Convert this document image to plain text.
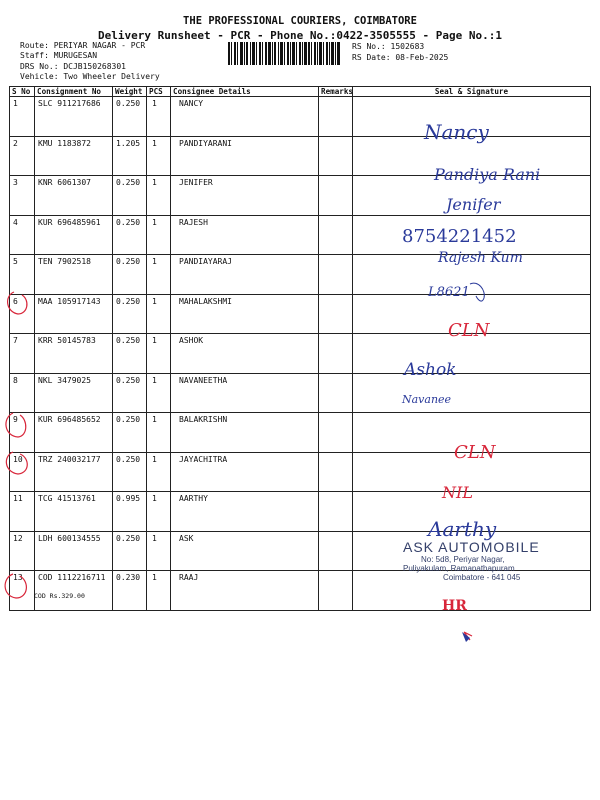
THE PROFESSIONAL COURIERS, COIMBATORE
Delivery Runsheet - PCR - Phone No.:0422-3505555 - Page No.:1
Route: PERIYAR NAGAR - PCR
Staff: MURUGESAN
DRS No.: DCJB150268301
Vehicle: Two Wheeler Delivery
RS No.: 1502683
RS Date: 08-Feb-2025
S No	Consignment No	Weight	PCS	Consignee Details	Remarks	Seal & Signature
1	SLC 911217686	0.250	1	NANCY		
2	KMU 1183872	1.205	1	PANDIYARANI		
3	KNR 6061307	0.250	1	JENIFER		
4	KUR 696485961	0.250	1	RAJESH		
5	TEN 7902518	0.250	1	PANDIAYARAJ		
6	MAA 105917143	0.250	1	MAHALAKSHMI		
7	KRR 50145783	0.250	1	ASHOK		
8	NKL 3479025	0.250	1	NAVANEETHA		
9	KUR 696485652	0.250	1	BALAKRISHN		
10	TRZ 240032177	0.250	1	JAYACHITRA		
11	TCG 41513761	0.995	1	AARTHY		
12	LDH 600134555	0.250	1	ASK		
13	COD 1112216711	0.230	1	RAAJ		
COD Rs.329.00
ASK AUTOMOBILE
No: 5d8, Periyar Nagar,
Puliyakulam, Ramanathapuram
Coimbatore - 641 045
Nancy
Pandiya Rani
Jenifer
8754221452
Rajesh Kum
L8621
Ashok
Navanee
Aarthy
CLN
CLN
NIL
HR
